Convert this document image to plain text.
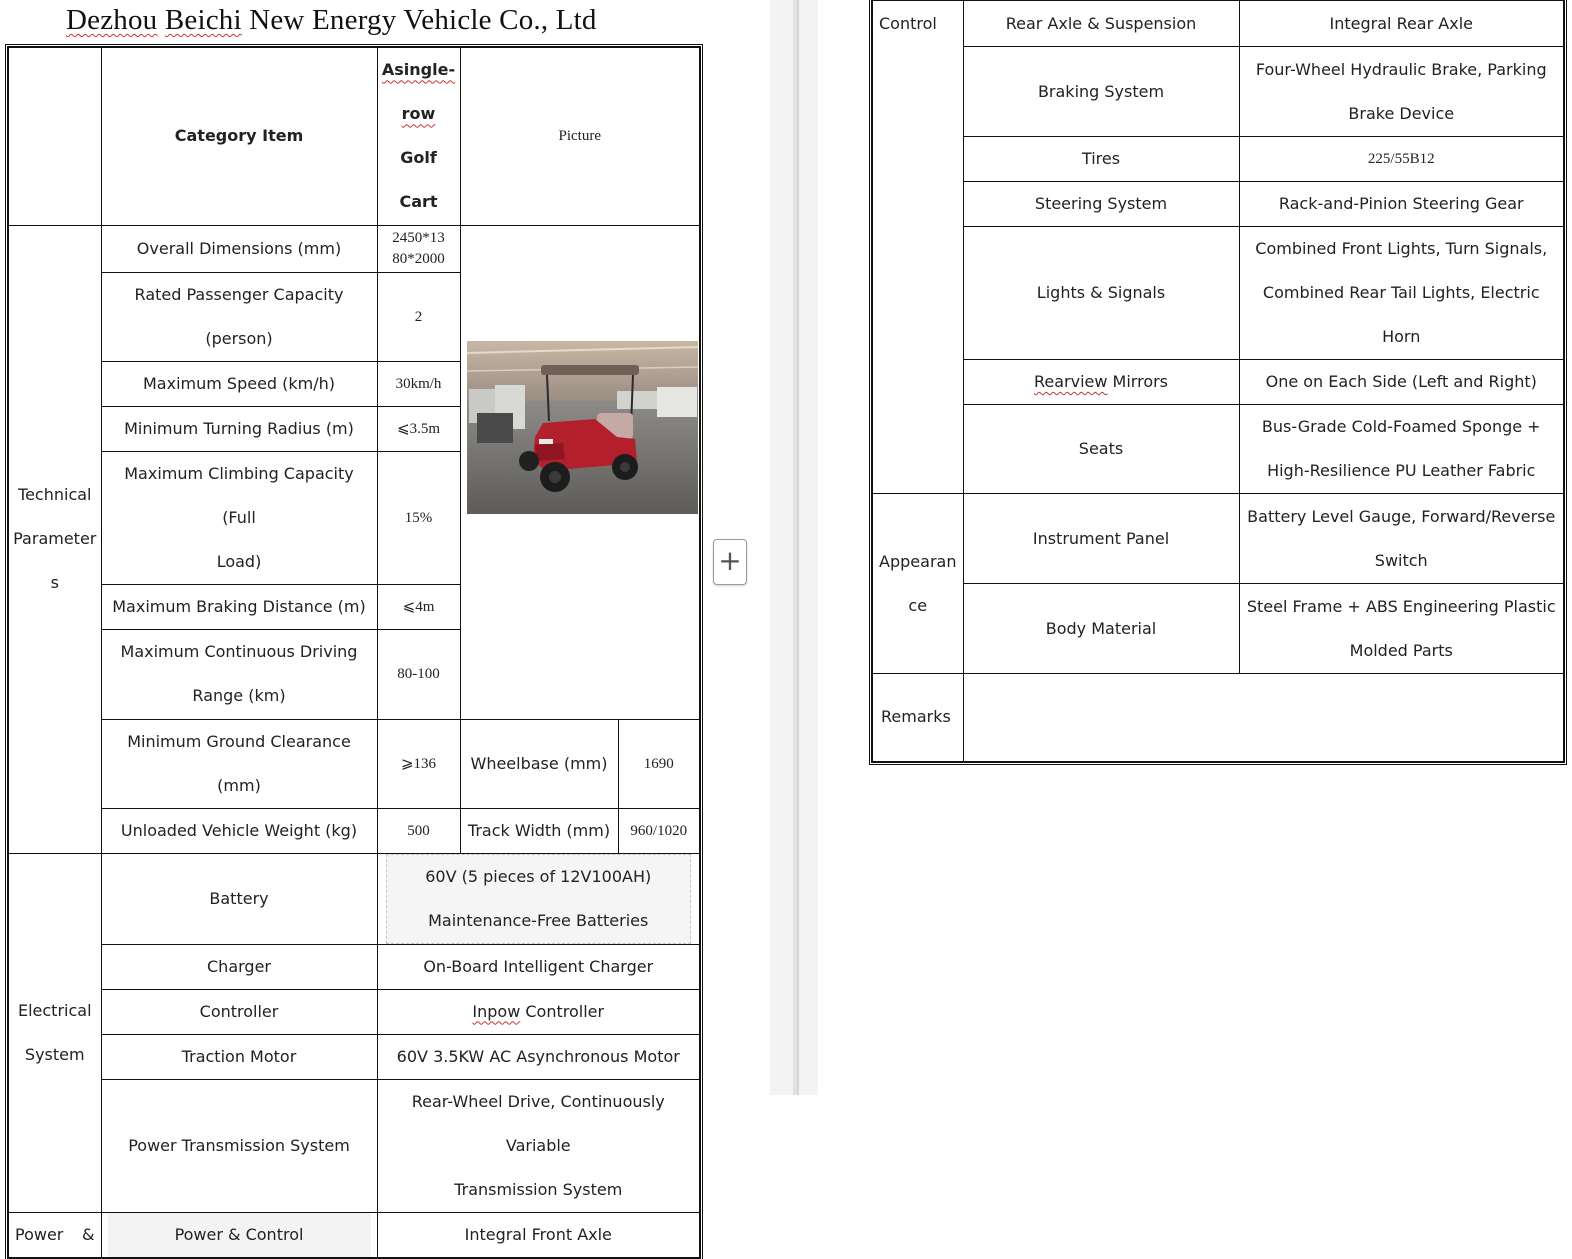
Dezhou Beichi New Energy Vehicle Co., Ltd
	Category Item	Asingle-
row
Golf
Cart	Picture	
Technical
Parameter
s	Overall Dimensions (mm)	2450*13
80*2000		
	Rated Passenger Capacity (person)	2		
	Maximum Speed (km/h)	30km/h		
	Minimum Turning Radius (m)	⩽3.5m		
	Maximum Climbing Capacity (Full
Load)	15%		
	Maximum Braking Distance (m)	⩽4m		
	Maximum Continuous Driving
Range (km)	80-100		
	Minimum Ground Clearance (mm)	⩾136	Wheelbase (mm)	1690
	Unloaded Vehicle Weight (kg)	500	Track Width (mm)	960/1020
Electrical
System	Battery	60V (5 pieces of 12V100AH)
Maintenance-Free Batteries		

	Charger	On-Board Intelligent Charger		
	Controller	Inpow Controller		
	Traction Motor	60V 3.5KW AC Asynchronous Motor		
	Power Transmission System	Rear-Wheel Drive, Continuously Variable
Transmission System		

Power &	Power & Control	Integral Front Axle		
+
Control	Rear Axle & Suspension	Integral Rear Axle
	Braking System	Four-Wheel Hydraulic Brake, Parking
Brake Device
	Tires	225/55B12
	Steering System	Rack-and-Pinion Steering Gear
	Lights & Signals	Combined Front Lights, Turn Signals,
Combined Rear Tail Lights, Electric Horn
	Rearview Mirrors	One on Each Side (Left and Right)
	Seats	Bus-Grade Cold-Foamed Sponge +
High-Resilience PU Leather Fabric
Appearan
ce	Instrument Panel	Battery Level Gauge, Forward/Reverse
Switch
	Body Material	Steel Frame + ABS Engineering Plastic
Molded Parts
Remarks		
